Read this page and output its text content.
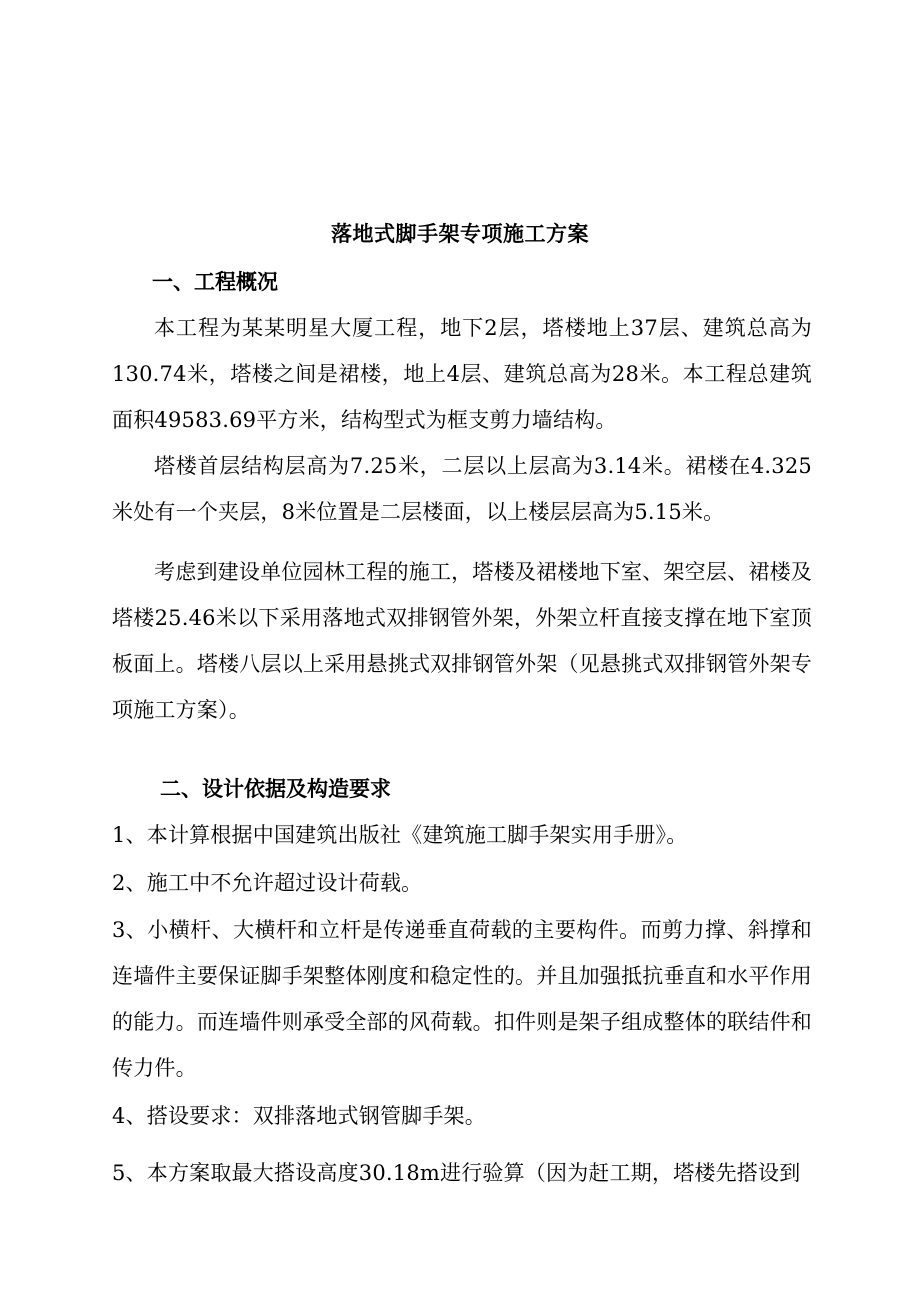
落地式脚手架专项施工方案
一、工程概况
本工程为某某明星大厦工程，地下2层，塔楼地上37层、建筑总高为130.74米，塔楼之间是裙楼，地上4层、建筑总高为28米。本工程总建筑面积49583.69平方米，结构型式为框支剪力墙结构。
塔楼首层结构层高为7.25米，二层以上层高为3.14米。裙楼在4.325米处有一个夹层，8米位置是二层楼面，以上楼层层高为5.15米。
考虑到建设单位园林工程的施工，塔楼及裙楼地下室、架空层、裙楼及塔楼25.46米以下采用落地式双排钢管外架，外架立杆直接支撑在地下室顶板面上。塔楼八层以上采用悬挑式双排钢管外架（见悬挑式双排钢管外架专项施工方案）。
二、设计依据及构造要求
1、本计算根据中国建筑出版社《建筑施工脚手架实用手册》。
2、施工中不允许超过设计荷载。
3、小横杆、大横杆和立杆是传递垂直荷载的主要构件。而剪力撑、斜撑和连墙件主要保证脚手架整体刚度和稳定性的。并且加强抵抗垂直和水平作用的能力。而连墙件则承受全部的风荷载。扣件则是架子组成整体的联结件和传力件。
4、搭设要求：双排落地式钢管脚手架。
5、本方案取最大搭设高度30.18m进行验算（因为赶工期，塔楼先搭设到
